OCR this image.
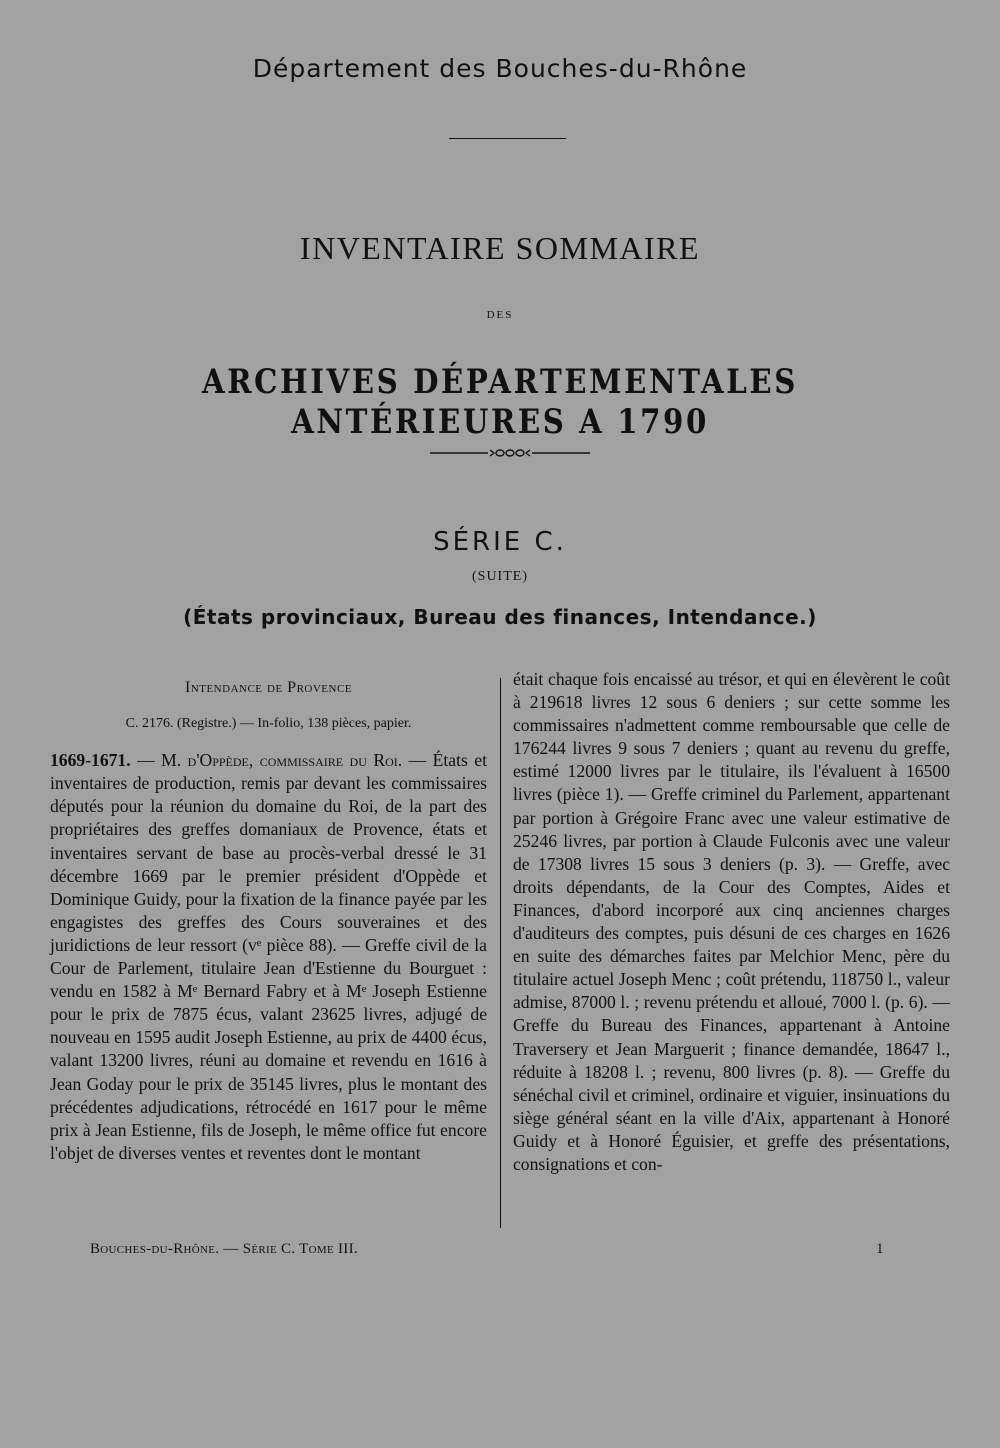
Département des Bouches-du-Rhône
INVENTAIRE SOMMAIRE
DES
ARCHIVES DÉPARTEMENTALES ANTÉRIEURES A 1790
SÉRIE C.
(SUITE)
(États provinciaux, Bureau des finances, Intendance.)
Intendance de Provence
C. 2176. (Registre.) — In-folio, 138 pièces, papier.

1669-1671. — M. d'Oppède, commissaire du Roi. — États et inventaires de production, remis par devant les commissaires députés pour la réunion du domaine du Roi, de la part des propriétaires des greffes domaniaux de Provence, états et inventaires servant de base au procès-verbal dressé le 31 décembre 1669 par le premier président d'Oppède et Dominique Guidy, pour la fixation de la finance payée par les engagistes des greffes des Cours souveraines et des juridictions de leur ressort (vᵉ pièce 88). — Greffe civil de la Cour de Parlement, titulaire Jean d'Estienne du Bourguet : vendu en 1582 à Mᵉ Bernard Fabry et à Mᵉ Joseph Estienne pour le prix de 7875 écus, valant 23625 livres, adjugé de nouveau en 1595 audit Joseph Estienne, au prix de 4400 écus, valant 13200 livres, réuni au domaine et revendu en 1616 à Jean Goday pour le prix de 35145 livres, plus le montant des précédentes adjudications, rétrocédé en 1617 pour le même prix à Jean Estienne, fils de Joseph, le même office fut encore l'objet de diverses ventes et reventes dont le montant

était chaque fois encaissé au trésor, et qui en élevèrent le coût à 219618 livres 12 sous 6 deniers ; sur cette somme les commissaires n'admettent comme remboursable que celle de 176244 livres 9 sous 7 deniers ; quant au revenu du greffe, estimé 12000 livres par le titulaire, ils l'évaluent à 16500 livres (pièce 1). — Greffe criminel du Parlement, appartenant par portion à Grégoire Franc avec une valeur estimative de 25246 livres, par portion à Claude Fulconis avec une valeur de 17308 livres 15 sous 3 deniers (p. 3). — Greffe, avec droits dépendants, de la Cour des Comptes, Aides et Finances, d'abord incorporé aux cinq anciennes charges d'auditeurs des comptes, puis désuni de ces charges en 1626 en suite des démarches faites par Melchior Menc, père du titulaire actuel Joseph Menc ; coût prétendu, 118750 l., valeur admise, 87000 l. ; revenu prétendu et alloué, 7000 l. (p. 6). — Greffe du Bureau des Finances, appartenant à Antoine Traversery et Jean Marguerit ; finance demandée, 18647 l., réduite à 18208 l. ; revenu, 800 livres (p. 8). — Greffe du sénéchal civil et criminel, ordinaire et viguier, insinuations du siège général séant en la ville d'Aix, appartenant à Honoré Guidy et à Honoré Éguisier, et greffe des présentations, consignations et con-

Bouches-du-Rhône. — Série C. Tome III.	1
